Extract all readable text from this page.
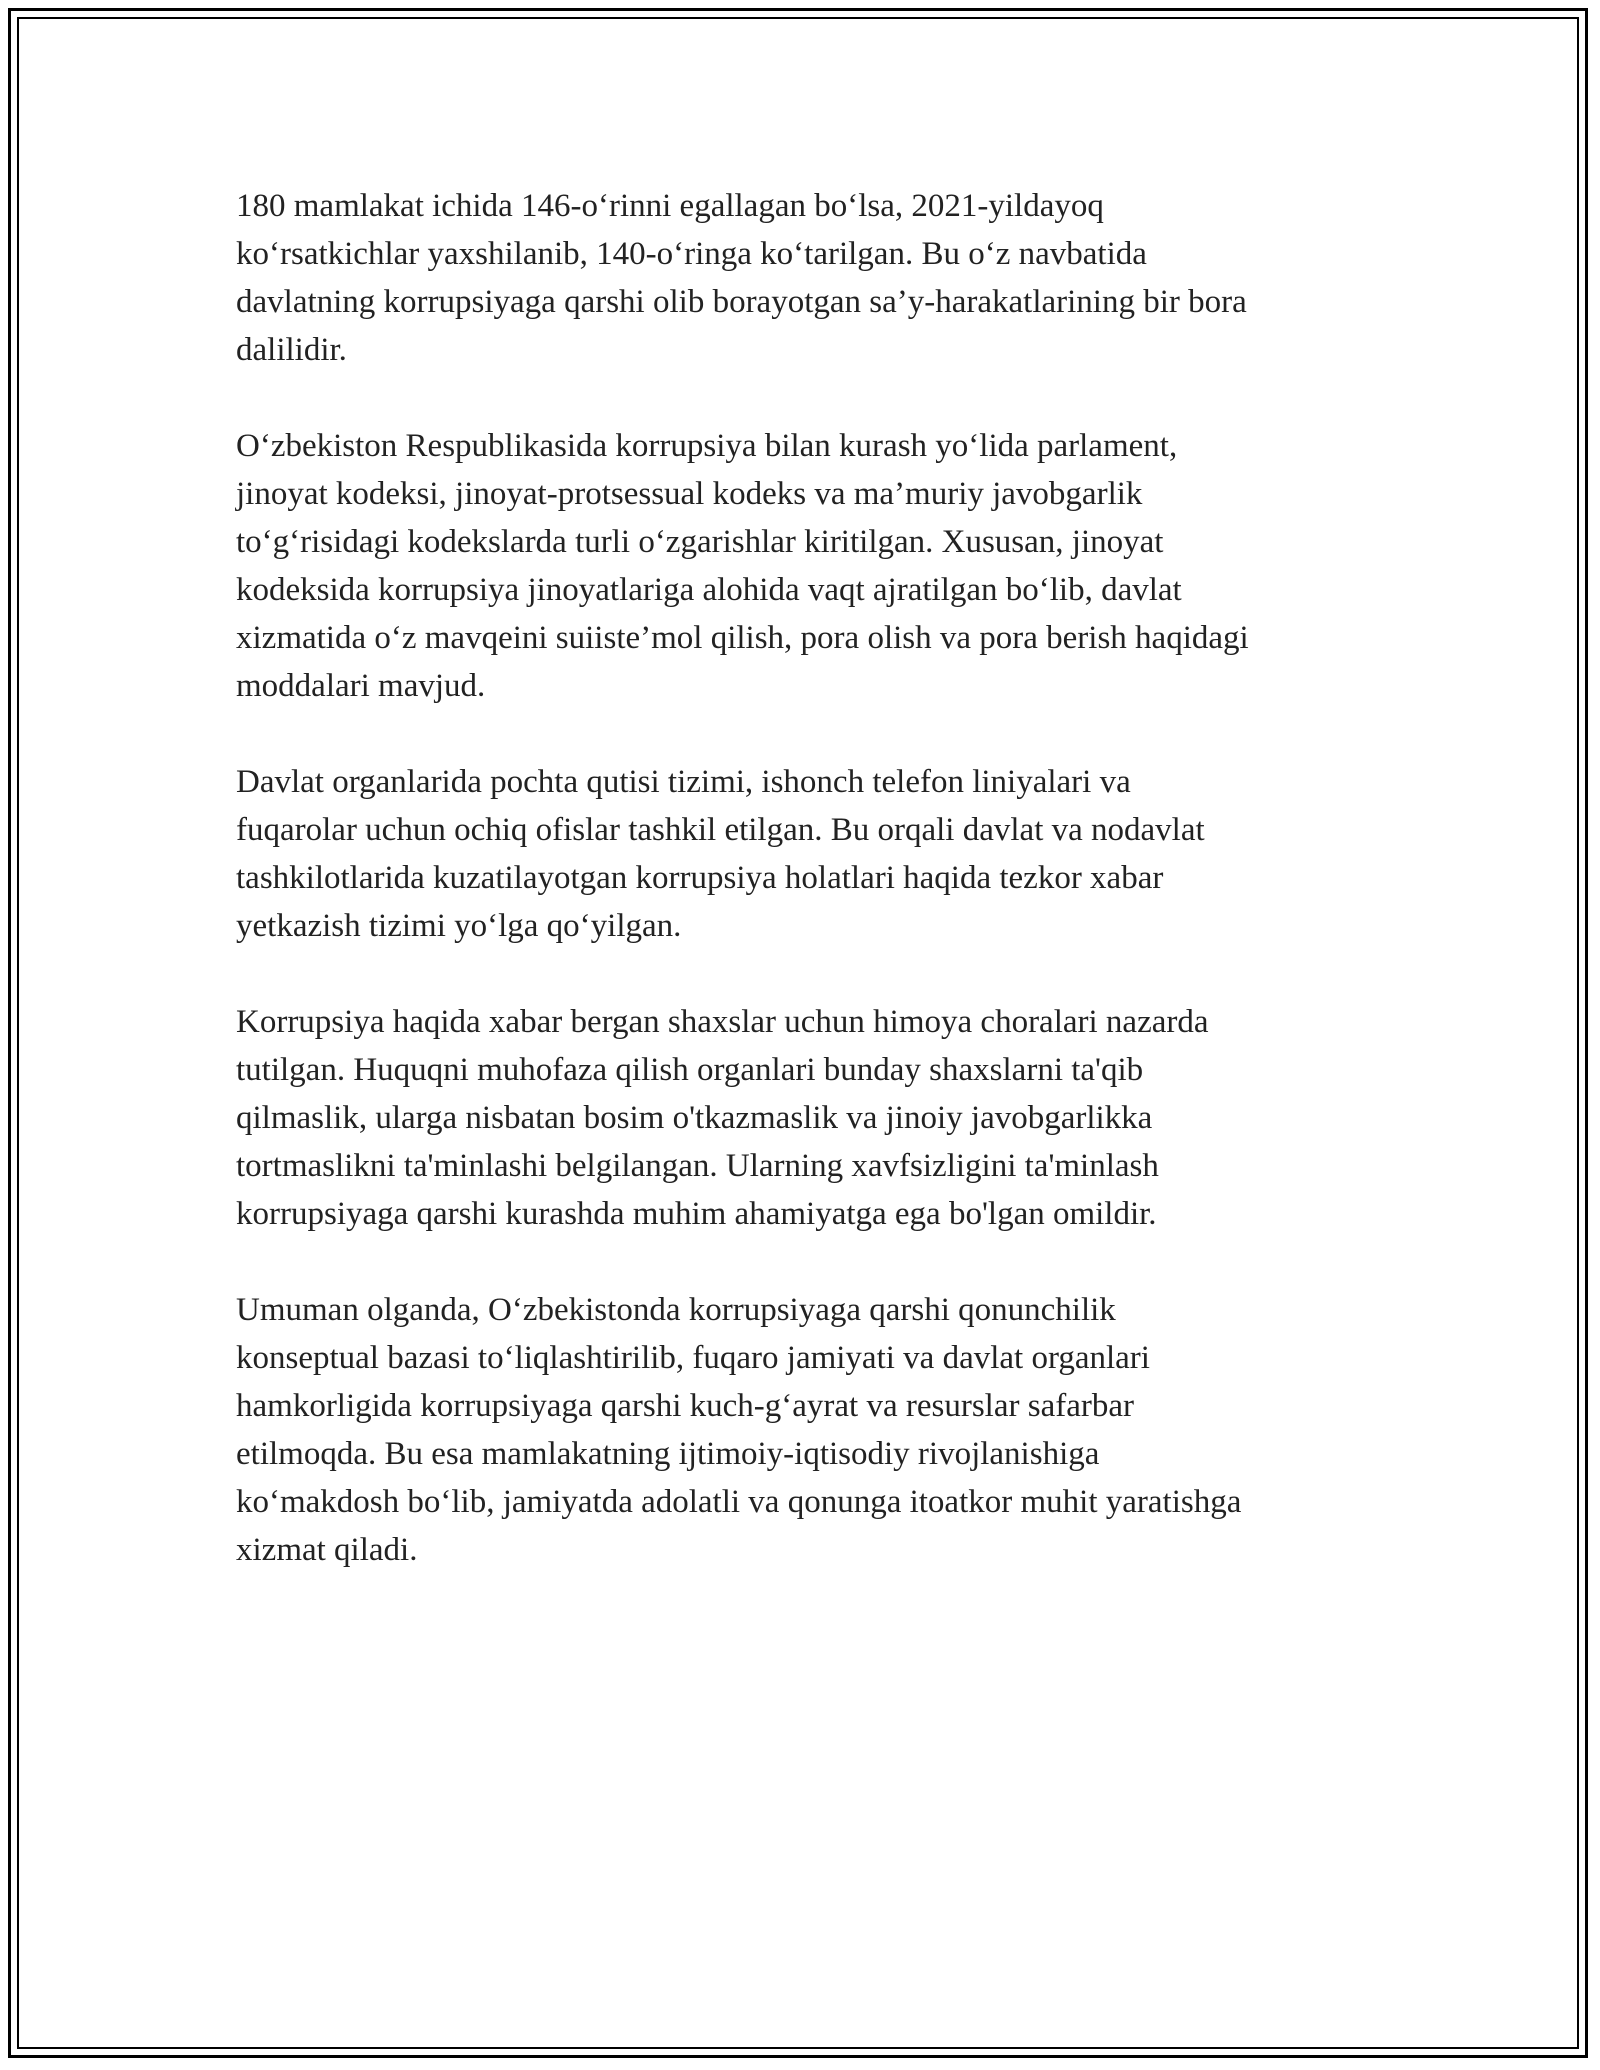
180 mamlakat ichida 146-o‘rinni egallagan bo‘lsa, 2021-yildayoq
ko‘rsatkichlar yaxshilanib, 140-o‘ringa ko‘tarilgan. Bu o‘z navbatida
davlatning korrupsiyaga qarshi olib borayotgan sa’y-harakatlarining bir bora
dalilidir.

O‘zbekiston Respublikasida korrupsiya bilan kurash yo‘lida parlament,
jinoyat kodeksi, jinoyat-protsessual kodeks va ma’muriy javobgarlik
to‘g‘risidagi kodekslarda turli o‘zgarishlar kiritilgan. Xususan, jinoyat
kodeksida korrupsiya jinoyatlariga alohida vaqt ajratilgan bo‘lib, davlat
xizmatida o‘z mavqeini suiiste’mol qilish, pora olish va pora berish haqidagi
moddalari mavjud.

Davlat organlarida pochta qutisi tizimi, ishonch telefon liniyalari va
fuqarolar uchun ochiq ofislar tashkil etilgan. Bu orqali davlat va nodavlat
tashkilotlarida kuzatilayotgan korrupsiya holatlari haqida tezkor xabar
yetkazish tizimi yo‘lga qo‘yilgan.

Korrupsiya haqida xabar bergan shaxslar uchun himoya choralari nazarda
tutilgan. Huquqni muhofaza qilish organlari bunday shaxslarni ta'qib
qilmaslik, ularga nisbatan bosim o'tkazmaslik va jinoiy javobgarlikka
tortmaslikni ta'minlashi belgilangan. Ularning xavfsizligini ta'minlash
korrupsiyaga qarshi kurashda muhim ahamiyatga ega bo'lgan omildir.

Umuman olganda, O‘zbekistonda korrupsiyaga qarshi qonunchilik
konseptual bazasi to‘liqlashtirilib, fuqaro jamiyati va davlat organlari
hamkorligida korrupsiyaga qarshi kuch-g‘ayrat va resurslar safarbar
etilmoqda. Bu esa mamlakatning ijtimoiy-iqtisodiy rivojlanishiga
ko‘makdosh bo‘lib, jamiyatda adolatli va qonunga itoatkor muhit yaratishga
xizmat qiladi.
